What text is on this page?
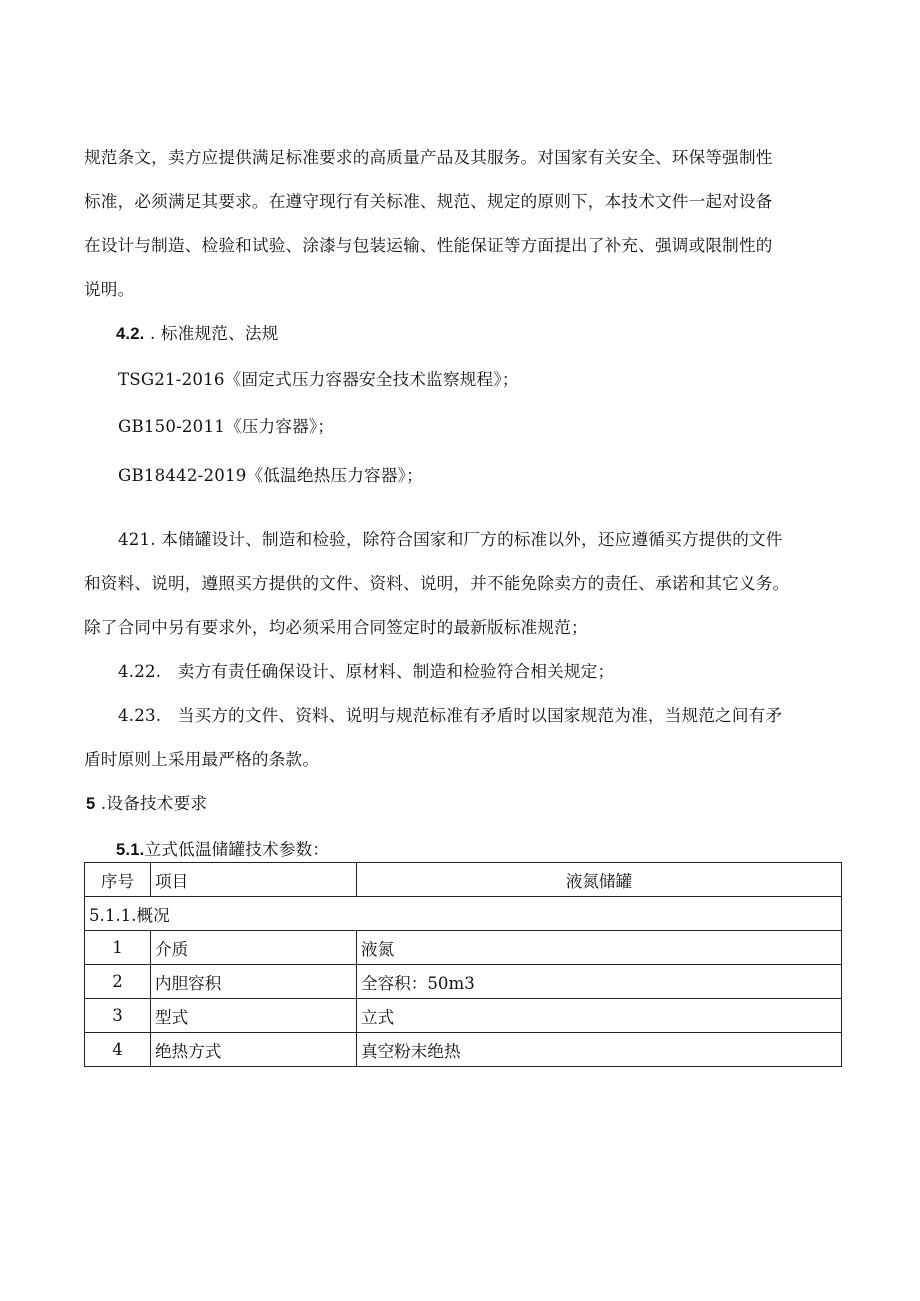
规范条文，卖方应提供满足标准要求的高质量产品及其服务。对国家有关安全、环保等强制性
标准，必须满足其要求。在遵守现行有关标准、规范、规定的原则下，本技术文件一起对设备
在设计与制造、检验和试验、涂漆与包装运输、性能保证等方面提出了补充、强调或限制性的
说明。
4.2. . 标准规范、法规
TSG21-2016《固定式压力容器安全技术监察规程》；
GB150-2011《压力容器》；
GB18442-2019《低温绝热压力容器》；
421. 本储罐设计、制造和检验，除符合国家和厂方的标准以外，还应遵循买方提供的文件
和资料、说明，遵照买方提供的文件、资料、说明，并不能免除卖方的责任、承诺和其它义务。
除了合同中另有要求外，均必须采用合同签定时的最新版标准规范；
4.22.   卖方有责任确保设计、原材料、制造和检验符合相关规定；
4.23.   当买方的文件、资料、说明与规范标准有矛盾时以国家规范为准，当规范之间有矛
盾时原则上采用最严格的条款。
5 .设备技术要求
5.1.立式低温储罐技术参数：
序号	项目	液氮储罐
5.1.1.概况		
1	介质	液氮
2	内胆容积	全容积：50m3
3	型式	立式
4	绝热方式	真空粉末绝热
